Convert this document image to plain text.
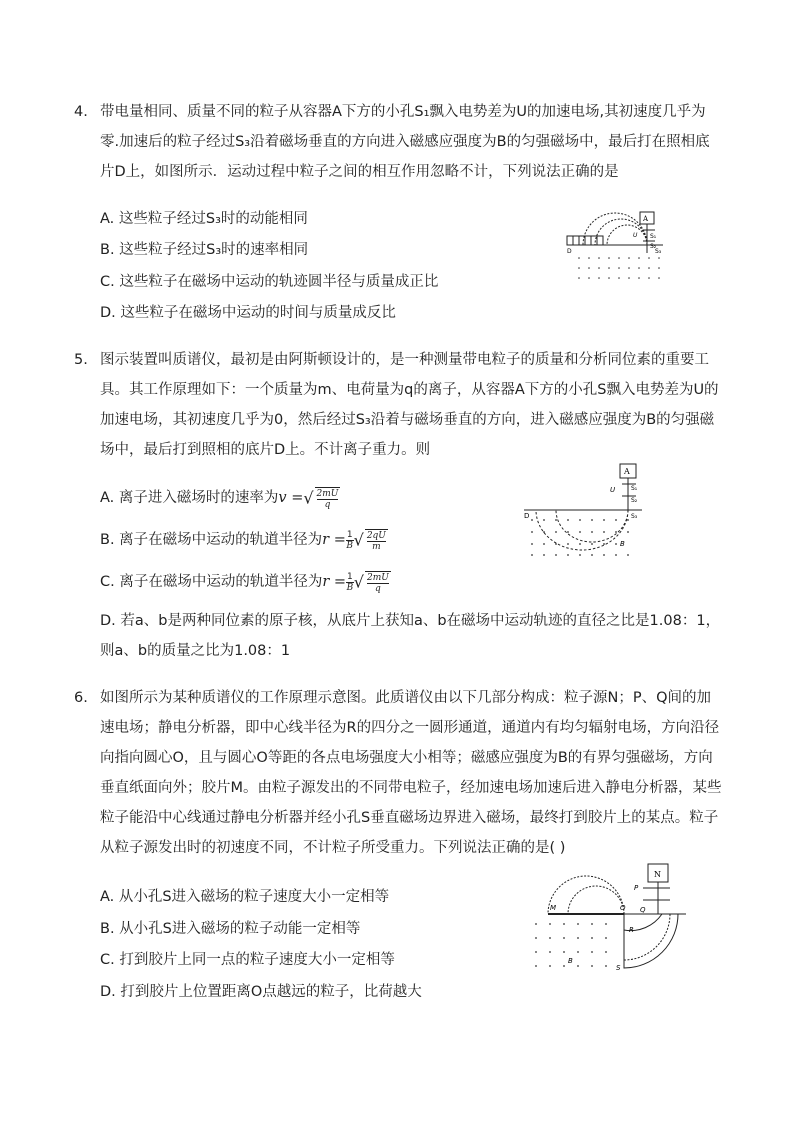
4. 带电量相同、质量不同的粒子从容器A下方的小孔S₁飘入电势差为U的加速电场,其初速度几乎为零.加速后的粒子经过S₃沿着磁场垂直的方向进入磁感应强度为B的匀强磁场中，最后打在照相底片D上，如图所示．运动过程中粒子之间的相互作用忽略不计，下列说法正确的是
A. 这些粒子经过S₃时的动能相同
B. 这些粒子经过S₃时的速率相同
C. 这些粒子在磁场中运动的轨迹圆半径与质量成正比
D. 这些粒子在磁场中运动的时间与质量成反比
A
U S₁
S₂
D	S₃
5. 图示装置叫质谱仪，最初是由阿斯顿设计的，是一种测量带电粒子的质量和分析同位素的重要工具。其工作原理如下：一个质量为m、电荷量为q的离子，从容器A下方的小孔S飘入电势差为U的加速电场，其初速度几乎为0，然后经过S₃沿着与磁场垂直的方向，进入磁感应强度为B的匀强磁场中，最后打到照相的底片D上。不计离子重力。则
A. 离子进入磁场时的速率为v =√ $\frac{2mU}{q}$
B. 离子在磁场中运动的轨道半径为$r = \frac{1}{B}$ √ $\frac{2qU}{m}$
C. 离子在磁场中运动的轨道半径为$r = \frac{1}{B}$ √ $\frac{2mU}{q}$
D. 若a、b是两种同位素的原子核，从底片上获知a、b在磁场中运动轨迹的直径之比是1.08：1，则a、b的质量之比为1.08：1
A
U	S₁
S₂
D	S₃
B
6. 如图所示为某种质谱仪的工作原理示意图。此质谱仪由以下几部分构成：粒子源N；P、Q间的加速电场；静电分析器，即中心线半径为R的四分之一圆形通道，通道内有均匀辐射电场，方向沿径向指向圆心O，且与圆心O等距的各点电场强度大小相等；磁感应强度为B的有界匀强磁场，方向垂直纸面向外；胶片M。由粒子源发出的不同带电粒子，经加速电场加速后进入静电分析器，某些粒子能沿中心线通过静电分析器并经小孔S垂直磁场边界进入磁场，最终打到胶片上的某点。粒子从粒子源发出时的初速度不同，不计粒子所受重力。下列说法正确的是( )
A. 从小孔S进入磁场的粒子速度大小一定相等
B. 从小孔S进入磁场的粒子动能一定相等
C. 打到胶片上同一点的粒子速度大小一定相等
D. 打到胶片上位置距离O点越远的粒子，比荷越大
N
P
Q
M	O
R
S
B
